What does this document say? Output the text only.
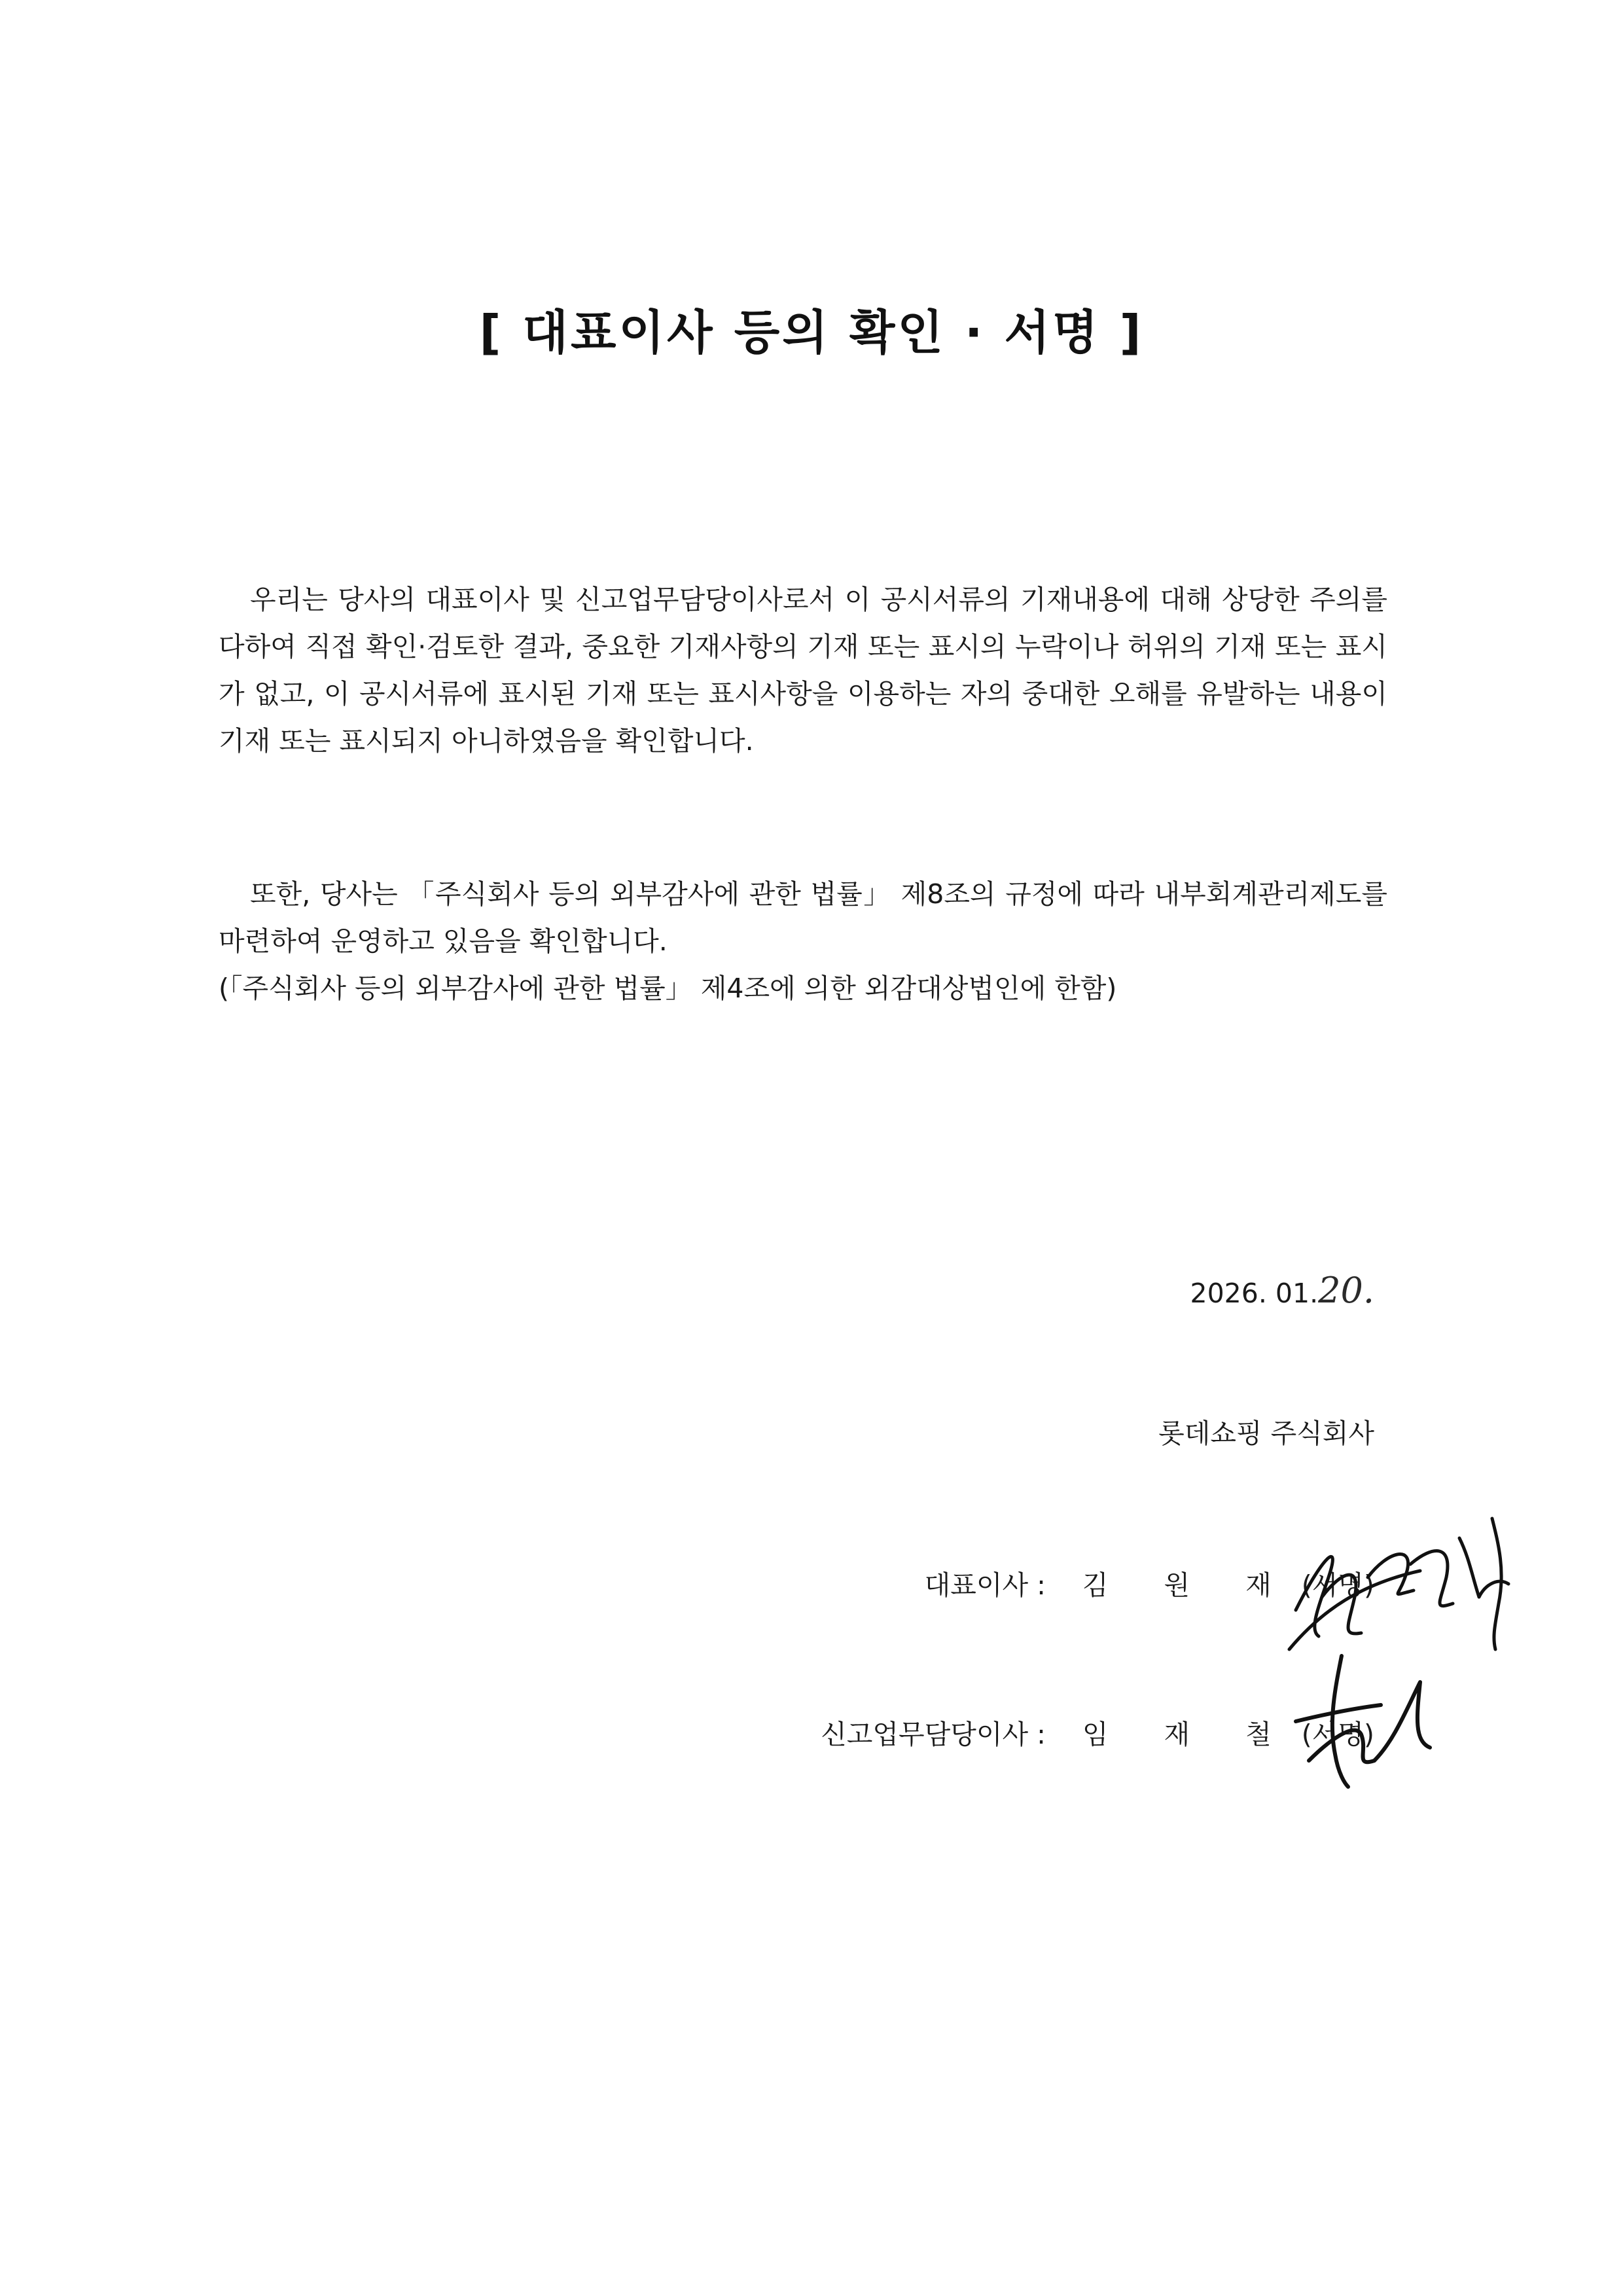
[ 대표이사 등의 확인 · 서명 ]

우리는 당사의 대표이사 및 신고업무담당이사로서 이 공시서류의 기재내용에 대해 상당한 주의를 다하여 직접 확인·검토한 결과, 중요한 기재사항의 기재 또는 표시의 누락이나 허위의 기재 또는 표시가 없고, 이 공시서류에 표시된 기재 또는 표시사항을 이용하는 자의 중대한 오해를 유발하는 내용이 기재 또는 표시되지 아니하였음을 확인합니다.

또한, 당사는 「주식회사 등의 외부감사에 관한 법률」 제8조의 규정에 따라 내부회계관리제도를 마련하여 운영하고 있음을 확인합니다.

(「주식회사 등의 외부감사에 관한 법률」 제4조에 의한 외감대상법인에 한함)
2026. 01.20.
롯데쇼핑 주식회사
대표이사 : 김 원 재 (서명)
신고업무담당이사 : 임 재 철 (서명)
